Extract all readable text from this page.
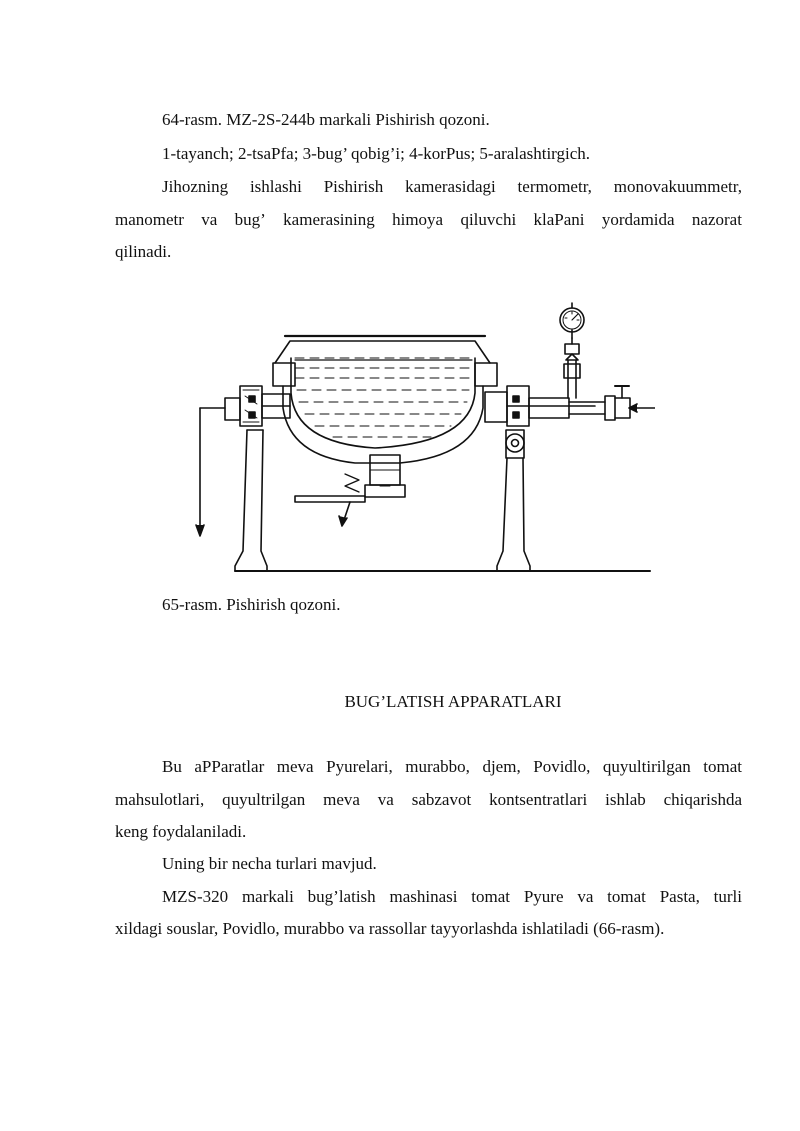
64-rasm. MZ-2S-244b markali Pishirish qozoni.
1-tayanch; 2-tsaPfa; 3-bug’ qobig’i; 4-korPus; 5-aralashtirgich.
Jihozning ishlashi Pishirish kamerasidagi termometr, monovakuummetr,
manometr va bug’ kamerasining himoya qiluvchi klaPani yordamida nazorat
qilinadi.
65-rasm. Pishirish qozoni.
BUG’LATISH APPARATLARI
Bu aPParatlar meva Pyurelari, murabbo, djem, Povidlo, quyultirilgan tomat
mahsulotlari, quyultrilgan meva va sabzavot kontsentratlari ishlab chiqarishda
keng foydalaniladi.
Uning bir necha turlari mavjud.
MZS-320 markali bug’latish mashinasi tomat Pyure va tomat Pasta, turli
xildagi souslar, Povidlo, murabbo va rassollar tayyorlashda ishlatiladi (66-rasm).
